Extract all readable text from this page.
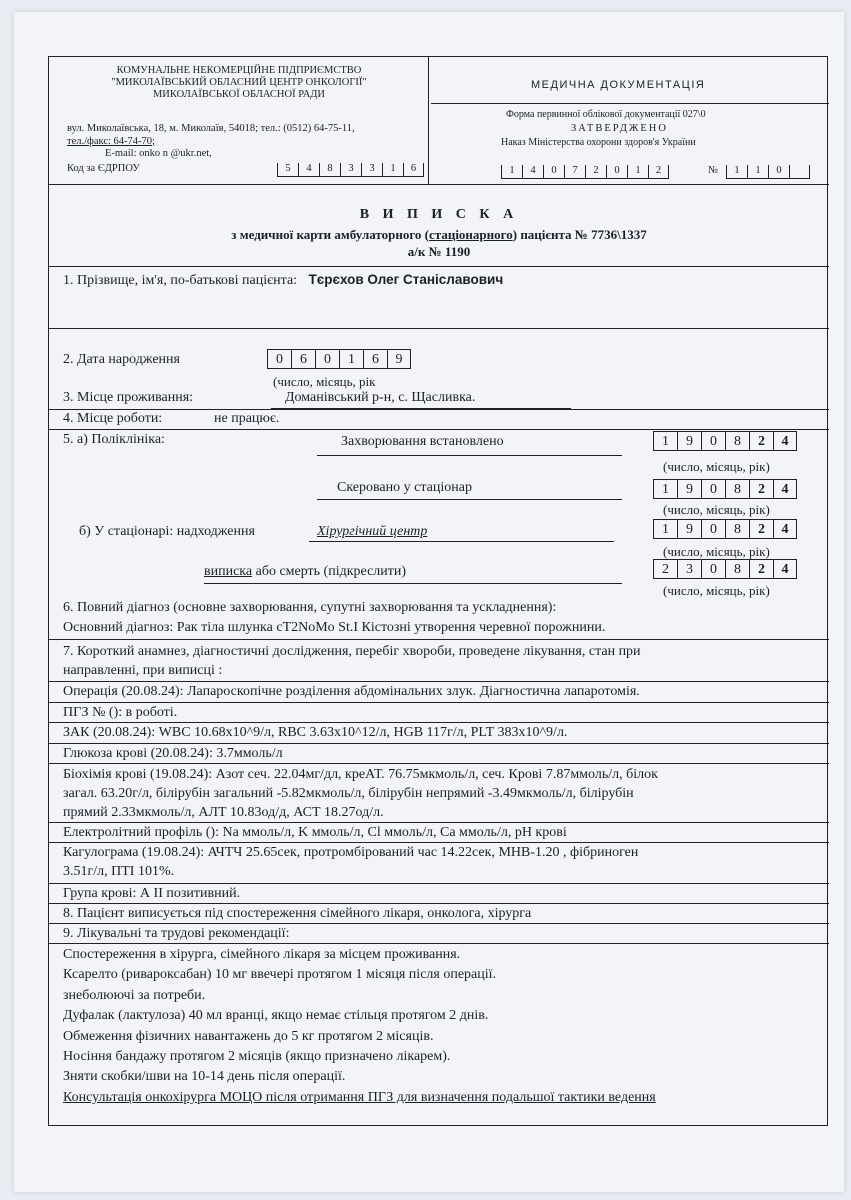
КОМУНАЛЬНЕ НЕКОМЕРЦІЙНЕ ПІДПРИЄМСТВО
"МИКОЛАЇВСЬКИЙ ОБЛАСНИЙ ЦЕНТР ОНКОЛОГІЇ"
МИКОЛАЇВСЬКОЇ ОБЛАСНОЇ РАДИ
вул. Миколаївська, 18, м. Миколаїв, 54018; тел.: (0512) 64-75-11,
тел./факс: 64-74-70;
E-mail: onko n @ukr.net,
Код за ЄДРПОУ	5	4	8	3	3	1	6
МЕДИЧНА ДОКУМЕНТАЦІЯ
Форма первинної облікової документації 027\0
ЗАТВЕРДЖЕНО
Наказ Міністерства охорони здоров'я України
1	4	0	7	2	0	1	2	№	1	1	0
В И П И С К А
з медичної карти амбулаторного (стаціонарного) пацієнта № 7736\1337
а/к № 1190
1. Прізвище, ім'я, по-батькові пацієнта: Тєрєхов Олег Станіславович
2. Дата народження	0	6	0	1	6	9
(число, місяць, рік
3. Місце проживання:	Доманівський р-н, с. Щасливка.
4. Місце роботи:	не працює.
5. а) Поліклініка:	Захворювання встановлено	1	9	0	8	2	4
(число, місяць, рік)
Скеровано у стаціонар	1	9	0	8	2	4
(число, місяць, рік)
б) У стаціонарі: надходження	Хірургічний центр	1	9	0	8	2	4
(число, місяць, рік)
виписка або смерть (підкреслити)	2	3	0	8	2	4
(число, місяць, рік)
6. Повний діагноз (основне захворювання, супутні захворювання та ускладнення):
Основний діагноз: Рак тіла шлунка cT2NoMo St.I Кістозні утворення черевної порожнини.
7. Короткий анамнез, діагностичні дослідження, перебіг хвороби, проведене лікування, стан при
направленні, при виписці :
Операція (20.08.24): Лапароскопічне розділення абдомінальних злук. Діагностична лапаротомія.
ПГЗ № (): в роботі.
ЗАК (20.08.24): WBC 10.68x10^9/л, RBC 3.63x10^12/л, HGB 117г/л, PLT 383x10^9/л.
Глюкоза крові (20.08.24): 3.7ммоль/л
Біохімія крові (19.08.24): Азот сеч. 22.04мг/дл, креАТ. 76.75мкмоль/л, сеч. Крові 7.87ммоль/л, білок
загал. 63.20г/л, білірубін загальний -5.82мкмоль/л, білірубін непрямий -3.49мкмоль/л, білірубін
прямий 2.33мкмоль/л, АЛТ 10.83од/д, АСТ 18.27од/л.
Електролітний профіль (): Na ммоль/л, K ммоль/л, Cl ммоль/л, Ca ммоль/л, pH крові
Кагулограма (19.08.24): АЧТЧ 25.65сек, протромбірований час 14.22сек, МНВ-1.20 , фібриноген
3.51г/л, ПТІ 101%.
Група крові: А II позитивний.
8. Пацієнт виписується під спостереження сімейного лікаря, онколога, хірурга
9. Лікувальні та трудові рекомендації:
Спостереження в хірурга, сімейного лікаря за місцем проживання.
Ксарелто (ривароксабан) 10 мг ввечері протягом 1 місяця після операції.
знеболюючі за потреби.
Дуфалак (лактулоза) 40 мл вранці, якщо немає стільця протягом 2 днів.
Обмеження фізичних навантажень до 5 кг протягом 2 місяців.
Носіння бандажу протягом 2 місяців (якщо призначено лікарем).
Зняти скобки/шви на 10-14 день після операції.
Консультація онкохірурга МОЦО після отримання ПГЗ для визначення подальшої тактики ведення
